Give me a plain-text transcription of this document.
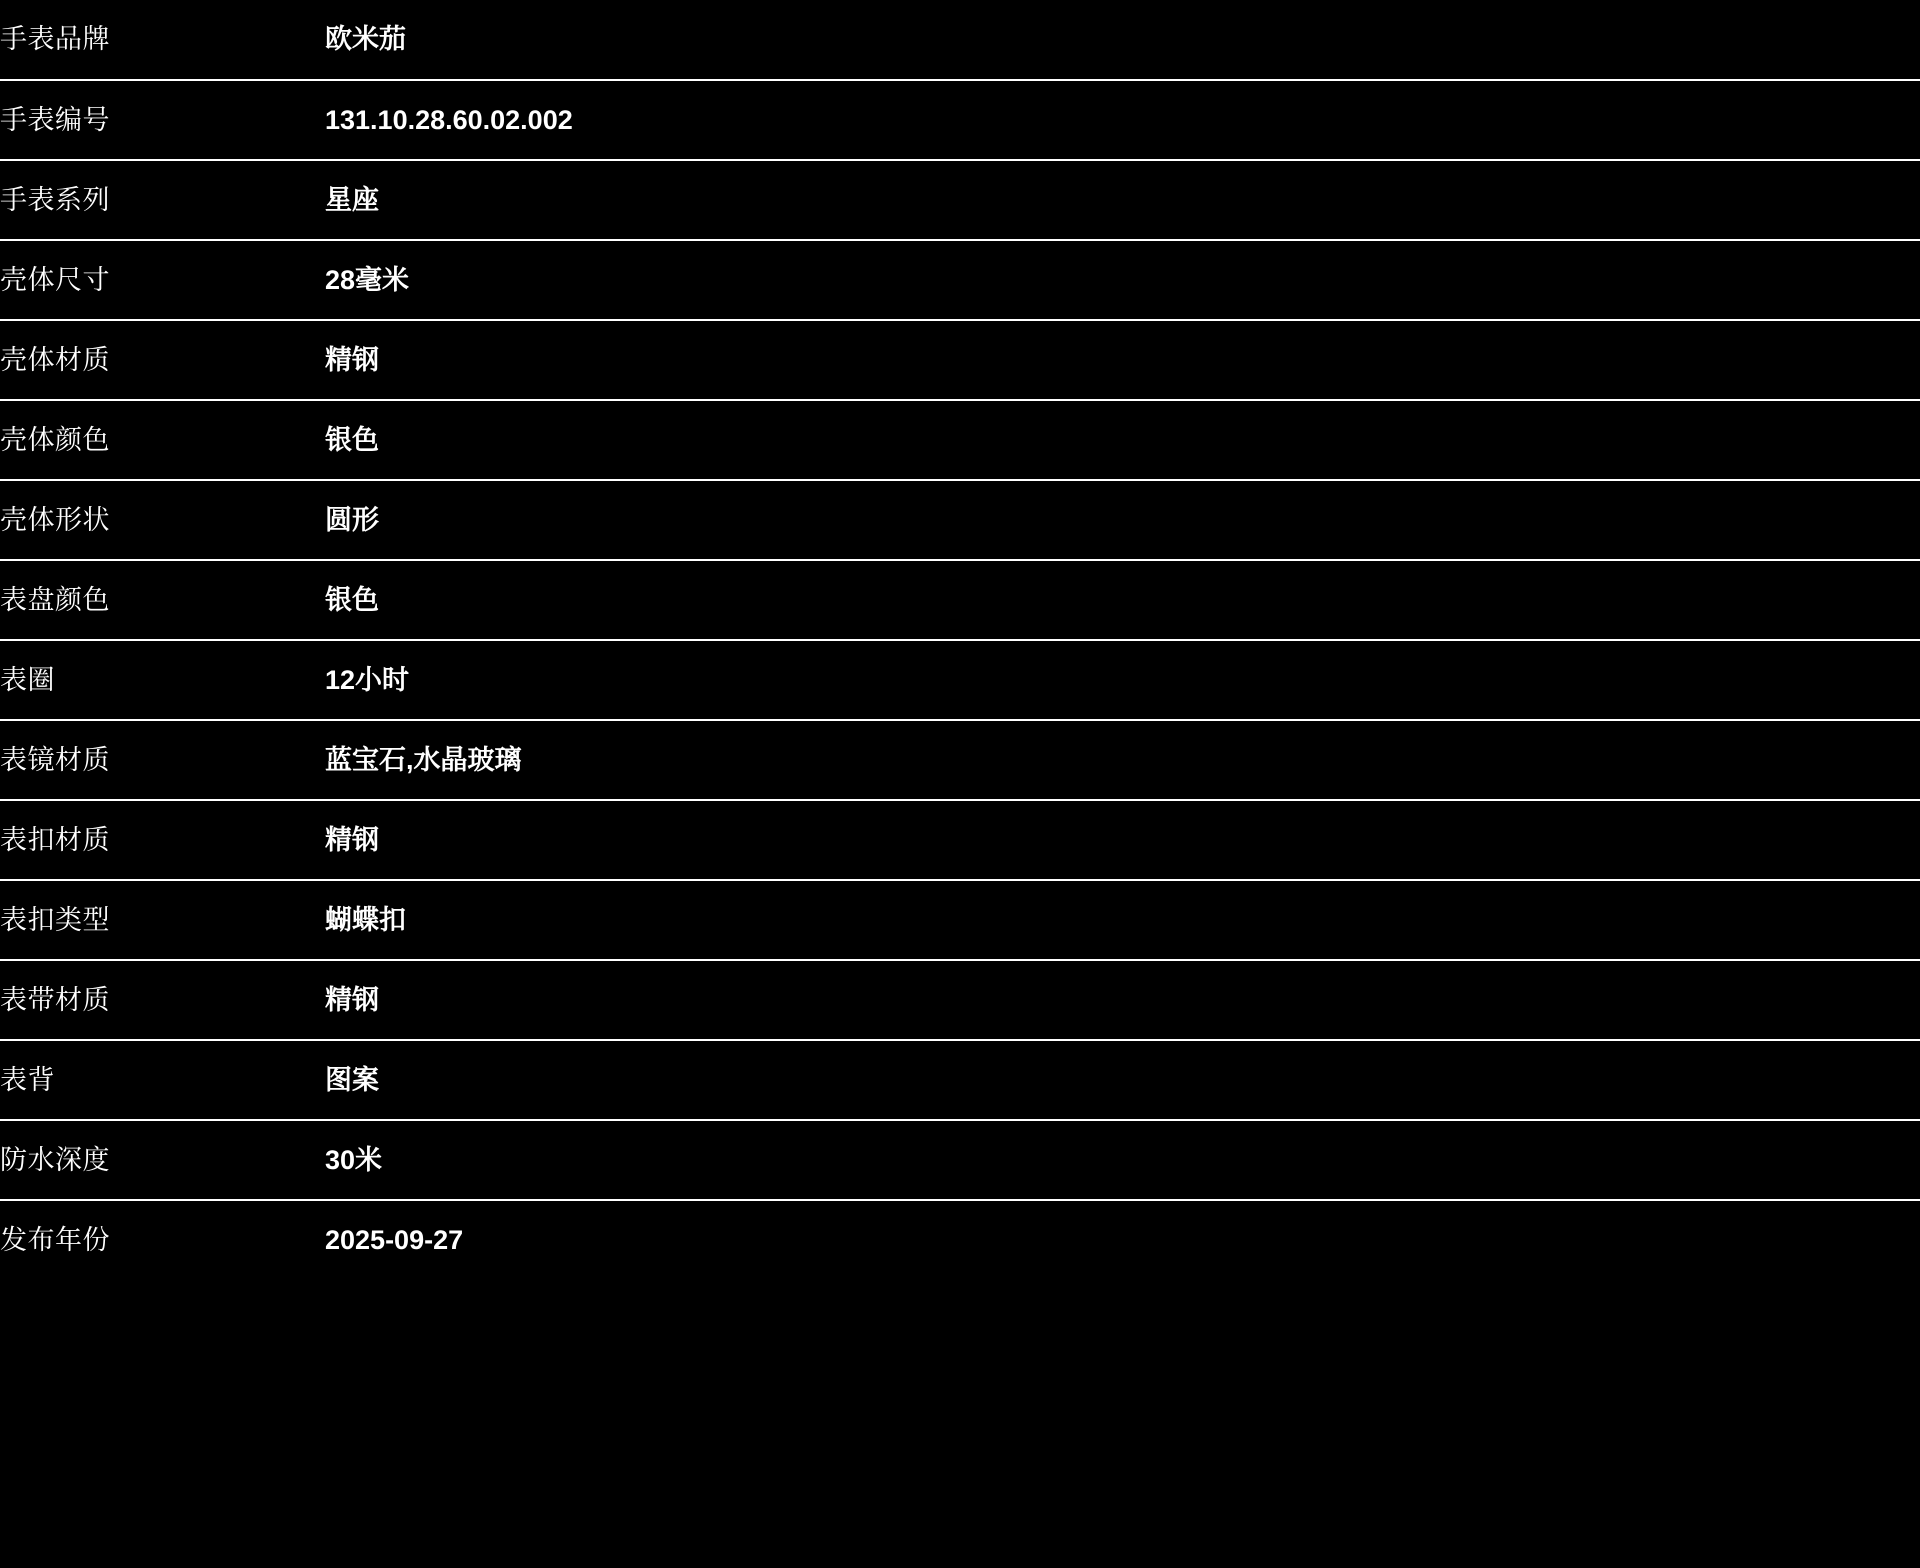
手表品牌	欧米茄

手表编号	131.10.28.60.02.002

手表系列	星座

壳体尺寸	28毫米

壳体材质	精钢

壳体颜色	银色

壳体形状	圆形

表盘颜色	银色

表圈	12小时

表镜材质	蓝宝石,水晶玻璃

表扣材质	精钢

表扣类型	蝴蝶扣

表带材质	精钢

表背	图案

防水深度	30米

发布年份	2025-09-27
